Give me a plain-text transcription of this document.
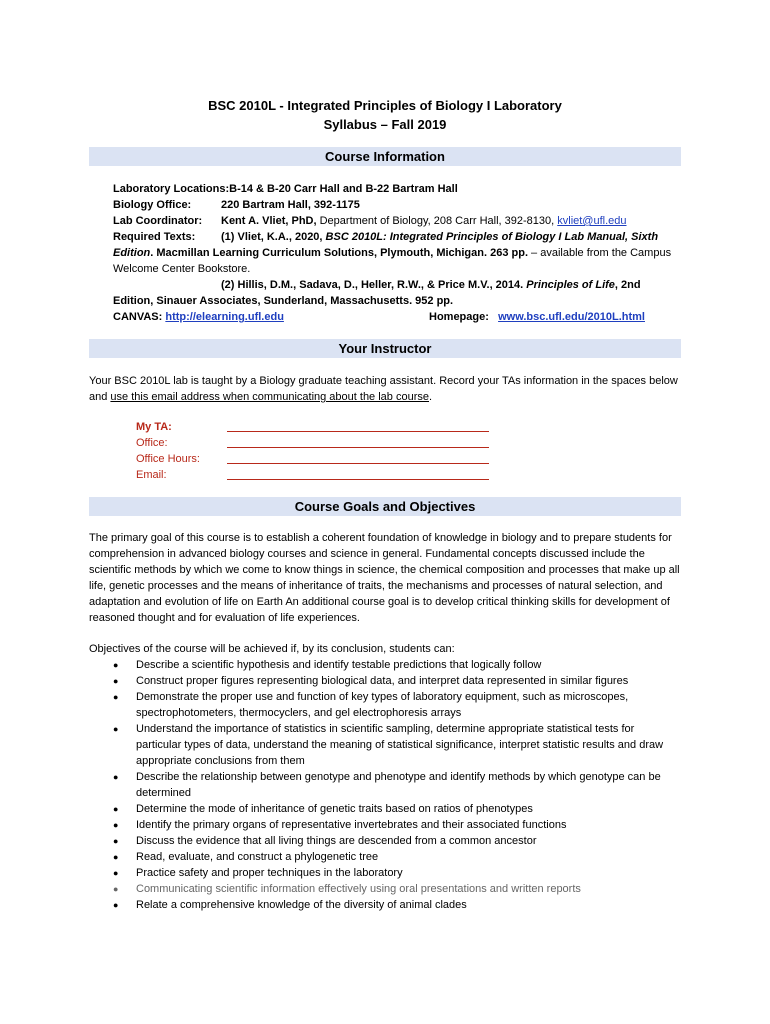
BSC 2010L - Integrated Principles of Biology I Laboratory
Syllabus – Fall 2019
Course Information
Laboratory Locations:B-14 & B-20 Carr Hall and B-22 Bartram Hall
Biology Office:	220 Bartram Hall, 392-1175
Lab Coordinator: Kent A. Vliet, PhD, Department of Biology, 208 Carr Hall, 392-8130, kvliet@ufl.edu
Required Texts: (1) Vliet, K.A., 2020, BSC 2010L: Integrated Principles of Biology I Lab Manual, Sixth Edition. Macmillan Learning Curriculum Solutions, Plymouth, Michigan. 263 pp. – available from the Campus Welcome Center Bookstore.
(2) Hillis, D.M., Sadava, D., Heller, R.W., & Price M.V., 2014. Principles of Life, 2nd Edition, Sinauer Associates, Sunderland, Massachusetts. 952 pp.
CANVAS: http://elearning.ufl.edu	Homepage: www.bsc.ufl.edu/2010L.html
Your Instructor
Your BSC 2010L lab is taught by a Biology graduate teaching assistant. Record your TAs information in the spaces below and use this email address when communicating about the lab course.
My TA:
Office:
Office Hours:
Email:
Course Goals and Objectives
The primary goal of this course is to establish a coherent foundation of knowledge in biology and to prepare students for comprehension in advanced biology courses and science in general. Fundamental concepts discussed include the scientific methods by which we come to know things in science, the chemical composition and processes that make up all life, genetic processes and the means of inheritance of traits, the mechanisms and processes of natural selection, and adaptation and evolution of life on Earth An additional course goal is to develop critical thinking skills for development of reasoned thought and for evaluation of life experiences.
Objectives of the course will be achieved if, by its conclusion, students can:
● Describe a scientific hypothesis and identify testable predictions that logically follow
● Construct proper figures representing biological data, and interpret data represented in similar figures
● Demonstrate the proper use and function of key types of laboratory equipment, such as microscopes, spectrophotometers, thermocyclers, and gel electrophoresis arrays
● Understand the importance of statistics in scientific sampling, determine appropriate statistical tests for particular types of data, understand the meaning of statistical significance, interpret statistic results and draw appropriate conclusions from them
● Describe the relationship between genotype and phenotype and identify methods by which genotype can be determined
● Determine the mode of inheritance of genetic traits based on ratios of phenotypes
● Identify the primary organs of representative invertebrates and their associated functions
● Discuss the evidence that all living things are descended from a common ancestor
● Read, evaluate, and construct a phylogenetic tree
● Practice safety and proper techniques in the laboratory
● Communicating scientific information effectively using oral presentations and written reports
● Relate a comprehensive knowledge of the diversity of animal clades
